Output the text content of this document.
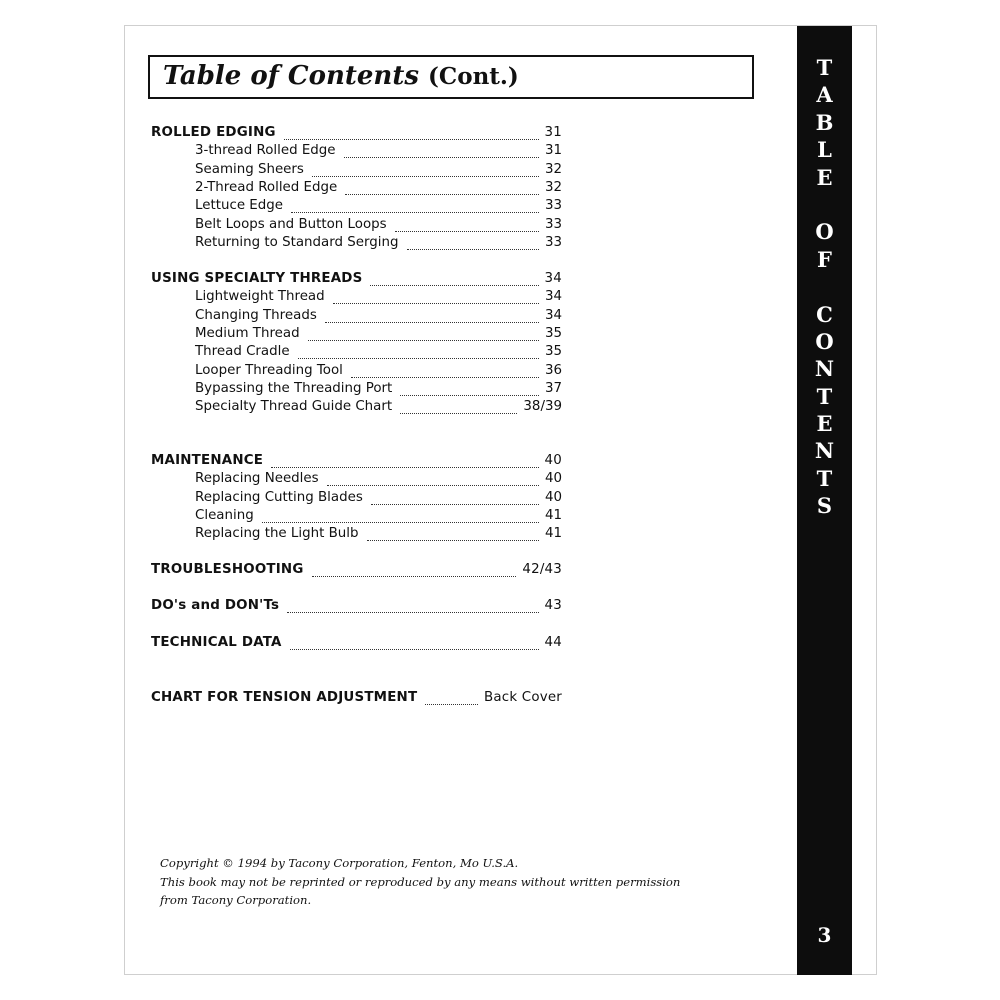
Table of Contents (Cont.)	T
A
B
L
E
O
F
C
O
N
T
E
N
T
S
3
ROLLED EDGING	31
3-thread Rolled Edge	31
Seaming Sheers	32
2-Thread Rolled Edge	32
Lettuce Edge	33
Belt Loops and Button Loops	33
Returning to Standard Serging	33
USING SPECIALTY THREADS	34
Lightweight Thread	34
Changing Threads	34
Medium Thread	35
Thread Cradle	35
Looper Threading Tool	36
Bypassing the Threading Port	37
Specialty Thread Guide Chart	38/39
MAINTENANCE	40
Replacing Needles	40
Replacing Cutting Blades	40
Cleaning	41
Replacing the Light Bulb	41
TROUBLESHOOTING	42/43
DO's and DON'Ts	43
TECHNICAL DATA	44
CHART FOR TENSION ADJUSTMENT	Back Cover
Copyright © 1994 by Tacony Corporation, Fenton, Mo U.S.A.
This book may not be reprinted or reproduced by any means without written permission
from Tacony Corporation.
